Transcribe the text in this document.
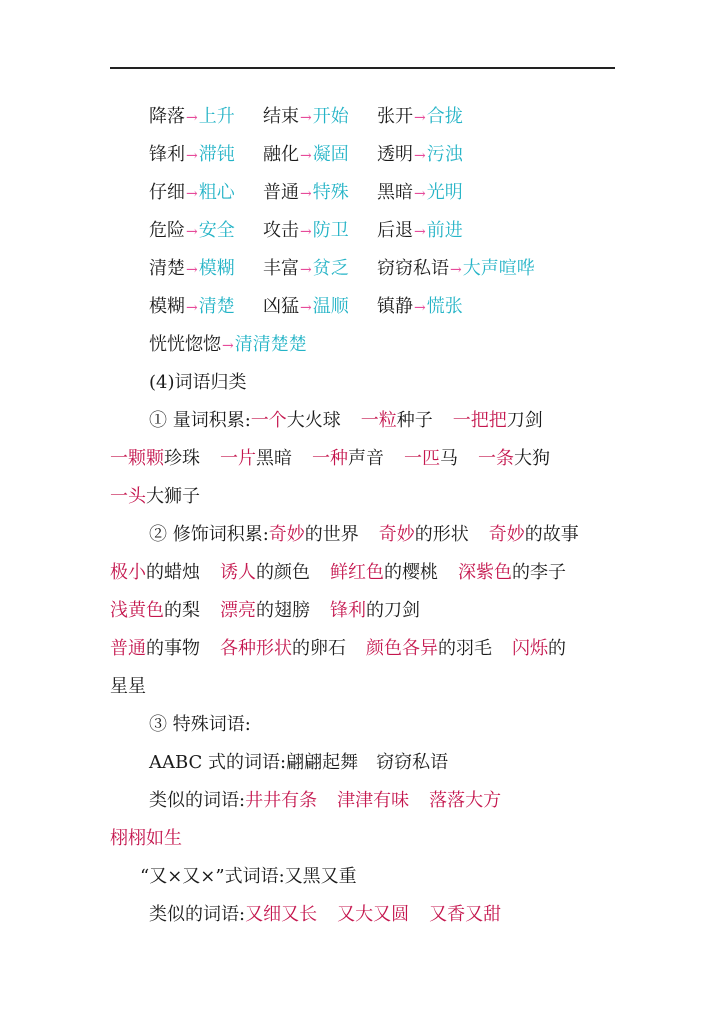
降落→上升 结束→开始 张开→合拢
锋利→滞钝 融化→凝固 透明→污浊
仔细→粗心 普通→特殊 黑暗→光明
危险→安全 攻击→防卫 后退→前进
清楚→模糊 丰富→贫乏 窃窃私语→大声喧哗
模糊→清楚 凶猛→温顺 镇静→慌张
恍恍惚惚→清清楚楚
(4)词语归类
① 量词积累:一个大火球 一粒种子 一把把刀剑
一颗颗珍珠 一片黑暗 一种声音 一匹马 一条大狗
一头大狮子
② 修饰词积累:奇妙的世界 奇妙的形状 奇妙的故事
极小的蜡烛 诱人的颜色 鲜红色的樱桃 深紫色的李子
浅黄色的梨 漂亮的翅膀 锋利的刀剑
普通的事物 各种形状的卵石 颜色各异的羽毛 闪烁的
星星
③ 特殊词语:
AABC 式的词语:翩翩起舞　窃窃私语
类似的词语:井井有条 津津有味 落落大方
栩栩如生
“又×又×”式词语:又黑又重
类似的词语:又细又长 又大又圆 又香又甜
